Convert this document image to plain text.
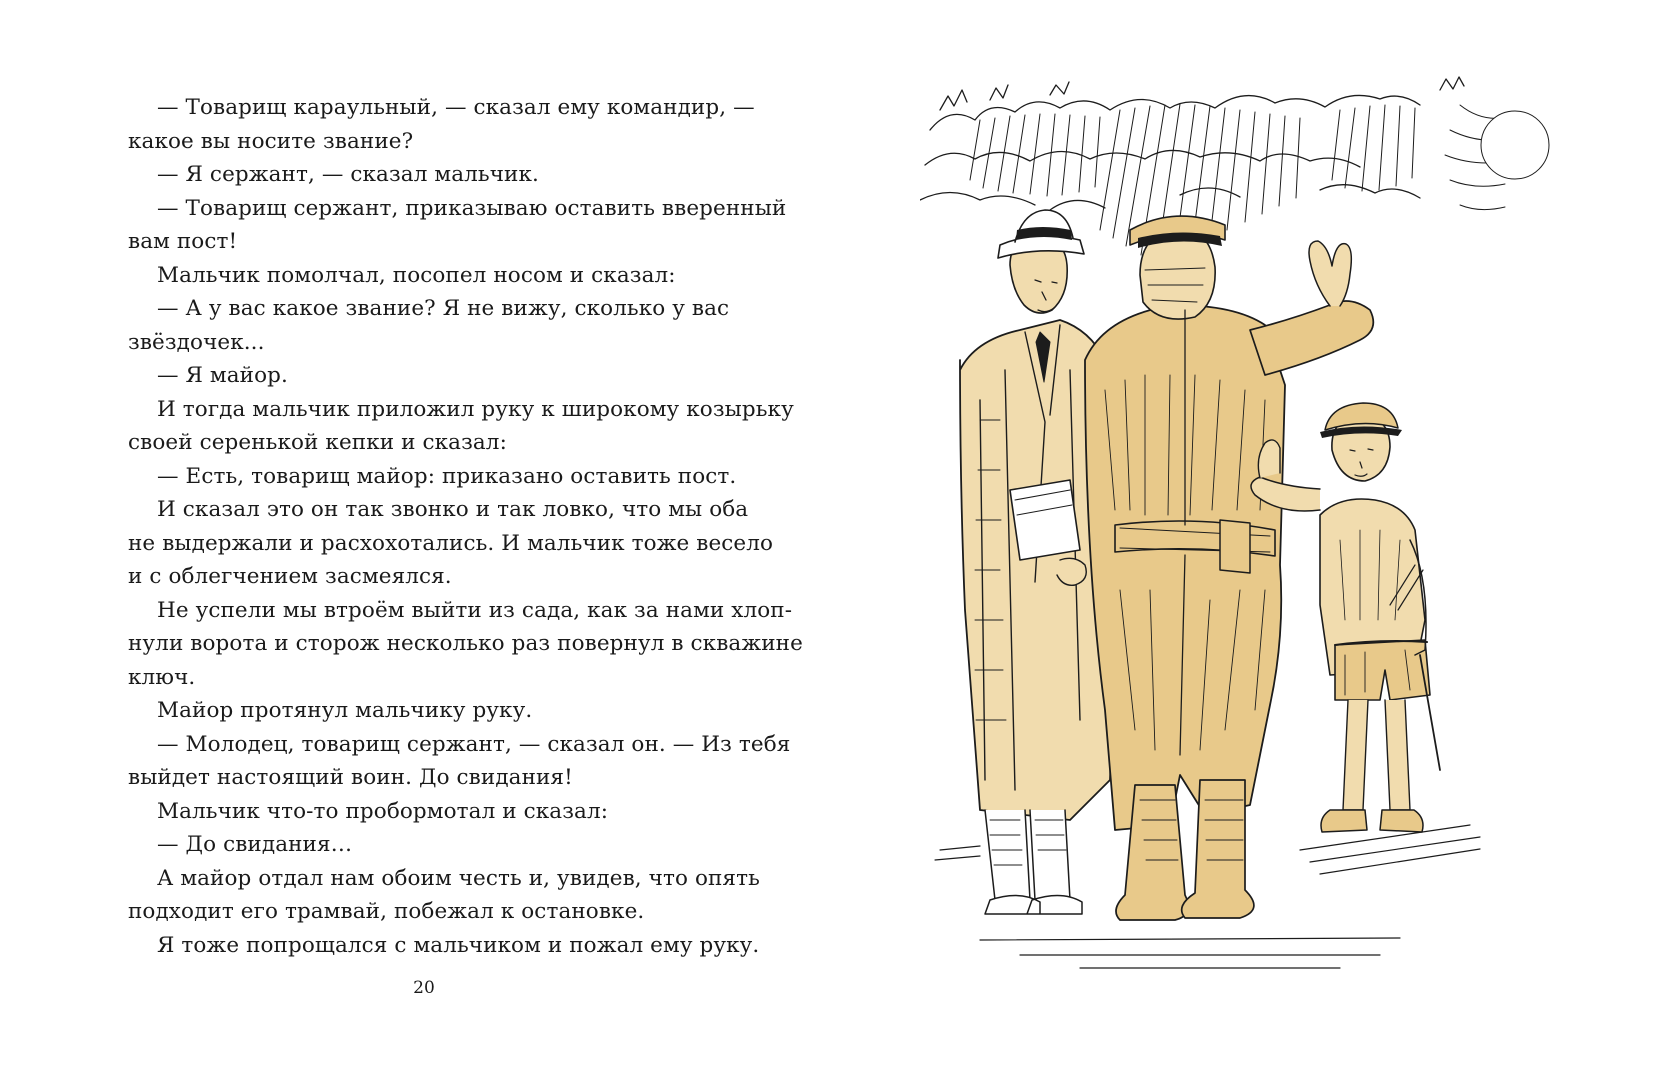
— Товарищ караульный, — сказал ему командир, —
какое вы носите звание?
— Я сержант, — сказал мальчик.
— Товарищ сержант, приказываю оставить вверенный
вам пост!
Мальчик помолчал, посопел носом и сказал:
— А у вас какое звание? Я не вижу, сколько у вас
звёздочек...
— Я майор.
И тогда мальчик приложил руку к широкому козырьку
своей серенькой кепки и сказал:
— Есть, товарищ майор: приказано оставить пост.
И сказал это он так звонко и так ловко, что мы оба
не выдержали и расхохотались. И мальчик тоже весело
и с облегчением засмеялся.
Не успели мы втроём выйти из сада, как за нами хлоп-
нули ворота и сторож несколько раз повернул в скважине
ключ.
Майор протянул мальчику руку.
— Молодец, товарищ сержант, — сказал он. — Из тебя
выйдет настоящий воин. До свидания!
Мальчик что-то пробормотал и сказал:
— До свидания…
А майор отдал нам обоим честь и, увидев, что опять
подходит его трамвай, побежал к остановке.
Я тоже попрощался с мальчиком и пожал ему руку.
20
